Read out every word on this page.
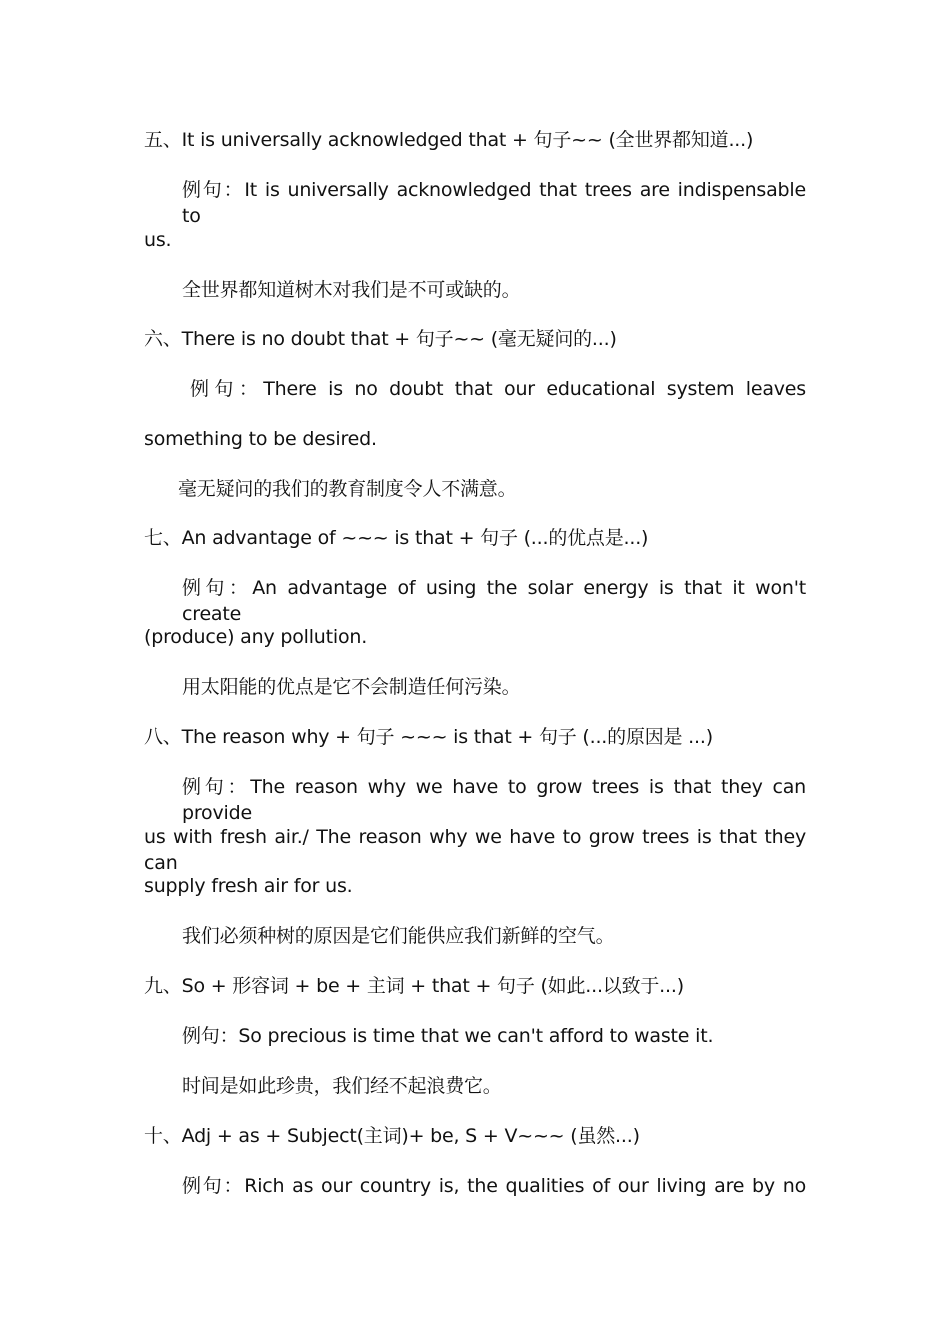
五、It is universally acknowledged that + 句子~~ (全世界都知道...)
例句：It is universally acknowledged that trees are indispensable to
us.
全世界都知道树木对我们是不可或缺的。
六、There is no doubt that + 句子~~ (毫无疑问的...)
例句：There is no doubt that our educational system leaves
something to be desired.
毫无疑问的我们的教育制度令人不满意。
七、An advantage of ~~~ is that + 句子 (...的优点是...)
例句：An advantage of using the solar energy is that it won't create
(produce) any pollution.
用太阳能的优点是它不会制造任何污染。
八、The reason why + 句子 ~~~ is that + 句子 (...的原因是 ...)
例句：The reason why we have to grow trees is that they can provide
us with fresh air./ The reason why we have to grow trees is that they can
supply fresh air for us.
我们必须种树的原因是它们能供应我们新鲜的空气。
九、So + 形容词 + be + 主词 + that + 句子 (如此...以致于...)
例句：So precious is time that we can't afford to waste it.
时间是如此珍贵，我们经不起浪费它。
十、Adj + as + Subject(主词)+ be, S + V~~~ (虽然...)
例句：Rich as our country is, the qualities of our living are by no
